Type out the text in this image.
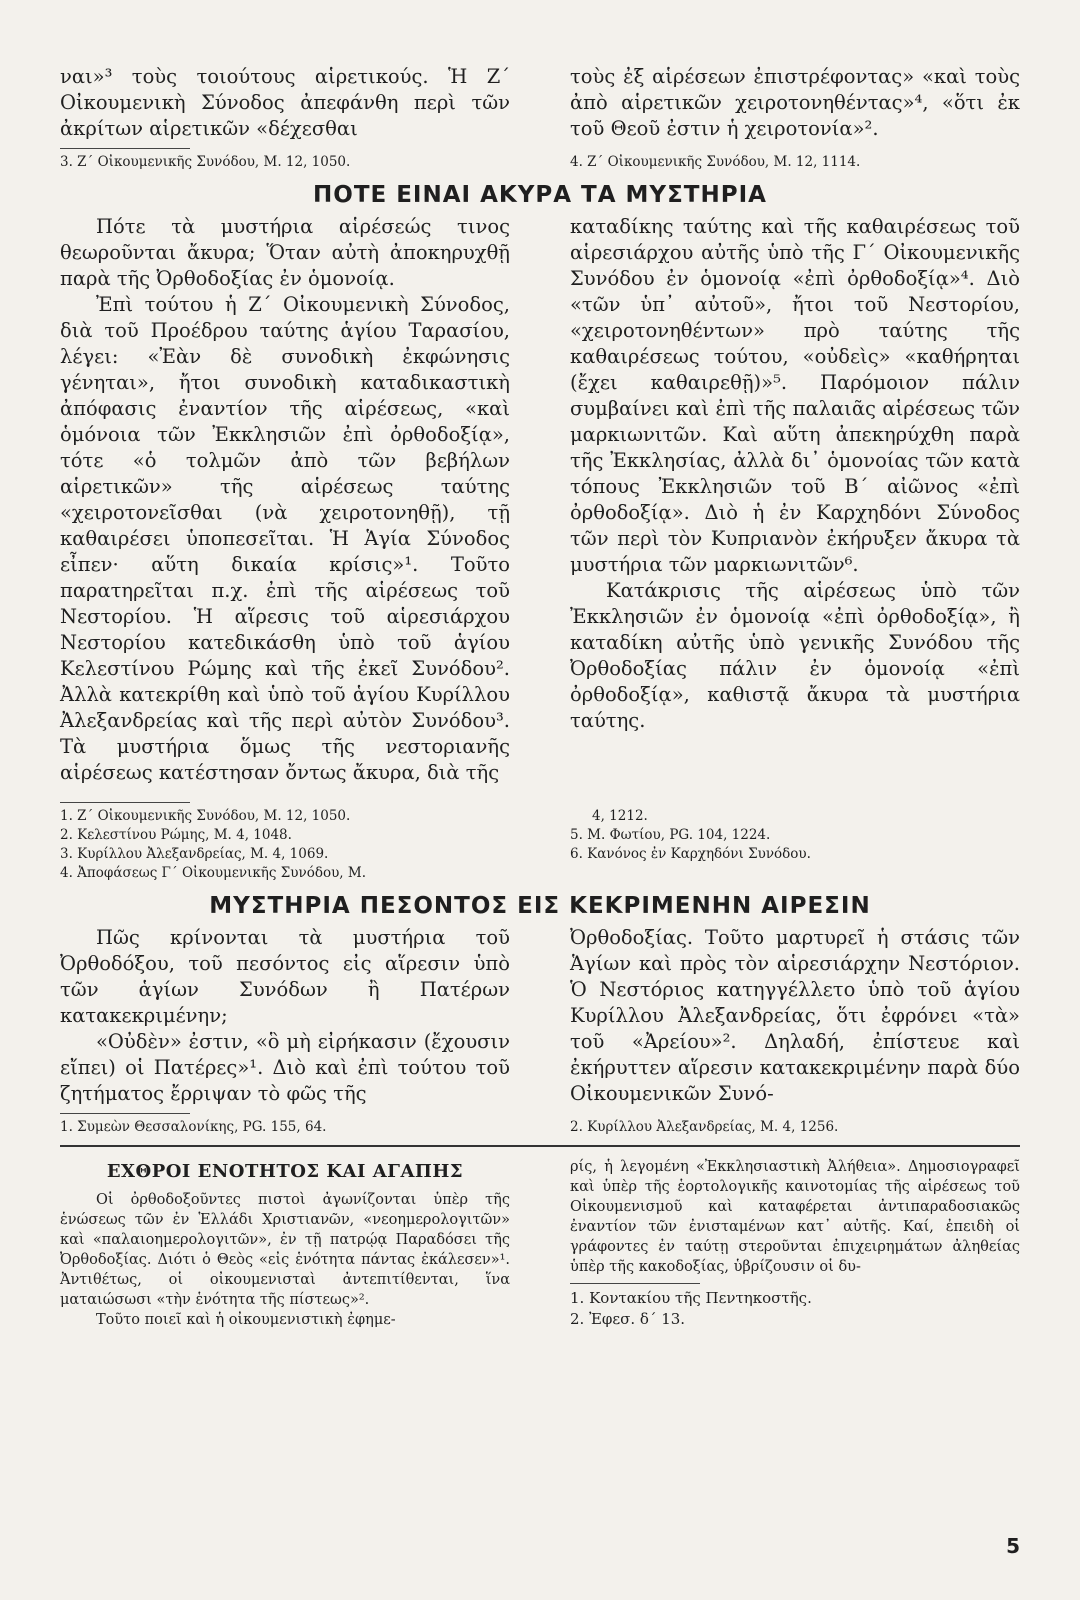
ναι»³ τοὺς τοιούτους αἱρετικούς. Ἡ Ζ΄ Οἰκουμενικὴ Σύνοδος ἀπεφάνθη περὶ τῶν ἀκρίτων αἱρετικῶν «δέχεσθαι

3. Ζ΄ Οἰκουμενικῆς Συνόδου, Μ. 12, 1050.

τοὺς ἐξ αἱρέσεων ἐπιστρέφοντας» «καὶ τοὺς ἀπὸ αἱρετικῶν χειροτονηθέντας»⁴, «ὅτι ἐκ τοῦ Θεοῦ ἐστιν ἡ χειροτονία»².

4. Ζ΄ Οἰκουμενικῆς Συνόδου, Μ. 12, 1114.

ΠΟΤΕ ΕΙΝΑΙ ΑΚΥΡΑ ΤΑ ΜΥΣΤΗΡΙΑ

Πότε τὰ μυστήρια αἱρέσεώς τινος θεωροῦνται ἄκυρα; Ὅταν αὐτὴ ἀποκηρυχθῇ παρὰ τῆς Ὀρθοδοξίας ἐν ὁμονοίᾳ.

Ἐπὶ τούτου ἡ Ζ΄ Οἰκουμενικὴ Σύνοδος, διὰ τοῦ Προέδρου ταύτης ἁγίου Ταρασίου, λέγει: «Ἐὰν δὲ συνοδικὴ ἐκφώνησις γένηται», ἤτοι συνοδικὴ καταδικαστικὴ ἀπόφασις ἐναντίον τῆς αἱρέσεως, «καὶ ὁμόνοια τῶν Ἐκκλησιῶν ἐπὶ ὀρθοδοξίᾳ», τότε «ὁ τολμῶν ἀπὸ τῶν βεβήλων αἱρετικῶν» τῆς αἱρέσεως ταύτης «χειροτονεῖσθαι (νὰ χειροτονηθῇ), τῇ καθαιρέσει ὑποπεσεῖται. Ἡ Ἁγία Σύνοδος εἶπεν· αὕτη δικαία κρίσις»¹. Τοῦτο παρατηρεῖται π.χ. ἐπὶ τῆς αἱρέσεως τοῦ Νεστορίου. Ἡ αἵρεσις τοῦ αἱρεσιάρχου Νεστορίου κατεδικάσθη ὑπὸ τοῦ ἁγίου Κελεστίνου Ρώμης καὶ τῆς ἐκεῖ Συνόδου². Ἀλλὰ κατεκρίθη καὶ ὑπὸ τοῦ ἁγίου Κυρίλλου Ἀλεξανδρείας καὶ τῆς περὶ αὐτὸν Συνόδου³. Τὰ μυστήρια ὅμως τῆς νεστοριανῆς αἱρέσεως κατέστησαν ὄντως ἄκυρα, διὰ τῆς

καταδίκης ταύτης καὶ τῆς καθαιρέσεως τοῦ αἱρεσιάρχου αὐτῆς ὑπὸ τῆς Γ΄ Οἰκουμενικῆς Συνόδου ἐν ὁμονοίᾳ «ἐπὶ ὀρθοδοξίᾳ»⁴. Διὸ «τῶν ὑπ᾿ αὐτοῦ», ἤτοι τοῦ Νεστορίου, «χειροτονηθέντων» πρὸ ταύτης τῆς καθαιρέσεως τούτου, «οὐδεὶς» «καθήρηται (ἔχει καθαιρεθῇ)»⁵. Παρόμοιον πάλιν συμβαίνει καὶ ἐπὶ τῆς παλαιᾶς αἱρέσεως τῶν μαρκιωνιτῶν. Καὶ αὕτη ἀπεκηρύχθη παρὰ τῆς Ἐκκλησίας, ἀλλὰ δι᾿ ὁμονοίας τῶν κατὰ τόπους Ἐκκλησιῶν τοῦ Β΄ αἰῶνος «ἐπὶ ὀρθοδοξίᾳ». Διὸ ἡ ἐν Καρχηδόνι Σύνοδος τῶν περὶ τὸν Κυπριανὸν ἐκήρυξεν ἄκυρα τὰ μυστήρια τῶν μαρκιωνιτῶν⁶.

Κατάκρισις τῆς αἱρέσεως ὑπὸ τῶν Ἐκκλησιῶν ἐν ὁμονοίᾳ «ἐπὶ ὀρθοδοξίᾳ», ἢ καταδίκη αὐτῆς ὑπὸ γενικῆς Συνόδου τῆς Ὀρθοδοξίας πάλιν ἐν ὁμονοίᾳ «ἐπὶ ὀρθοδοξίᾳ», καθιστᾷ ἄκυρα τὰ μυστήρια ταύτης.

1. Ζ΄ Οἰκουμενικῆς Συνόδου, Μ. 12, 1050.
2. Κελεστίνου Ρώμης, Μ. 4, 1048.
3. Κυρίλλου Ἀλεξανδρείας, Μ. 4, 1069.
4. Ἀποφάσεως Γ΄ Οἰκουμενικῆς Συνόδου, Μ.
4, 1212.
5. Μ. Φωτίου, PG. 104, 1224.
6. Κανόνος ἐν Καρχηδόνι Συνόδου.
ΜΥΣΤΗΡΙΑ ΠΕΣΟΝΤΟΣ ΕΙΣ ΚΕΚΡΙΜΕΝΗΝ ΑΙΡΕΣΙΝ

Πῶς κρίνονται τὰ μυστήρια τοῦ Ὀρθοδόξου, τοῦ πεσόντος εἰς αἵρεσιν ὑπὸ τῶν ἁγίων Συνόδων ἢ Πατέρων κατακεκριμένην;

«Οὐδὲν» ἐστιν, «ὃ μὴ εἰρήκασιν (ἔχουσιν εἴπει) οἱ Πατέρες»¹. Διὸ καὶ ἐπὶ τούτου τοῦ ζητήματος ἔρριψαν τὸ φῶς τῆς

1. Συμεὼν Θεσσαλονίκης, PG. 155, 64.

Ὀρθοδοξίας. Τοῦτο μαρτυρεῖ ἡ στάσις τῶν Ἁγίων καὶ πρὸς τὸν αἱρεσιάρχην Νεστόριον. Ὁ Νεστόριος κατηγγέλλετο ὑπὸ τοῦ ἁγίου Κυρίλλου Ἀλεξανδρείας, ὅτι ἐφρόνει «τὰ» τοῦ «Ἀρείου»². Δηλαδή, ἐπίστευε καὶ ἐκήρυττεν αἵρεσιν κατακεκριμένην παρὰ δύο Οἰκουμενικῶν Συνό-

2. Κυρίλλου Ἀλεξανδρείας, Μ. 4, 1256.

ΕΧΘΡΟΙ ΕΝΟΤΗΤΟΣ ΚΑΙ ΑΓΑΠΗΣ

Οἱ ὀρθοδοξοῦντες πιστοὶ ἀγωνίζονται ὑπὲρ τῆς ἑνώσεως τῶν ἐν Ἑλλάδι Χριστιανῶν, «νεοημερολογιτῶν» καὶ «παλαιοημερολογιτῶν», ἐν τῇ πατρῴᾳ Παραδόσει τῆς Ὀρθοδοξίας. Διότι ὁ Θεὸς «εἰς ἑνότητα πάντας ἐκάλεσεν»¹. Ἀντιθέτως, οἱ οἰκουμενισταὶ ἀντεπιτίθενται, ἵνα ματαιώσωσι «τὴν ἑνότητα τῆς πίστεως»².

Τοῦτο ποιεῖ καὶ ἡ οἰκουμενιστικὴ ἐφημε-

ρίς, ἡ λεγομένη «Ἐκκλησιαστικὴ Ἀλήθεια». Δημοσιογραφεῖ καὶ ὑπὲρ τῆς ἑορτολογικῆς καινοτομίας τῆς αἱρέσεως τοῦ Οἰκουμενισμοῦ καὶ καταφέρεται ἀντιπαραδοσιακῶς ἐναντίον τῶν ἐνισταμένων κατ᾿ αὐτῆς. Καί, ἐπειδὴ οἱ γράφοντες ἐν ταύτῃ στεροῦνται ἐπιχειρημάτων ἀληθείας ὑπὲρ τῆς κακοδοξίας, ὑβρίζουσιν οἱ δυ-

1. Κοντακίου τῆς Πεντηκοστῆς.
2. Ἐφεσ. δ΄ 13.
5
